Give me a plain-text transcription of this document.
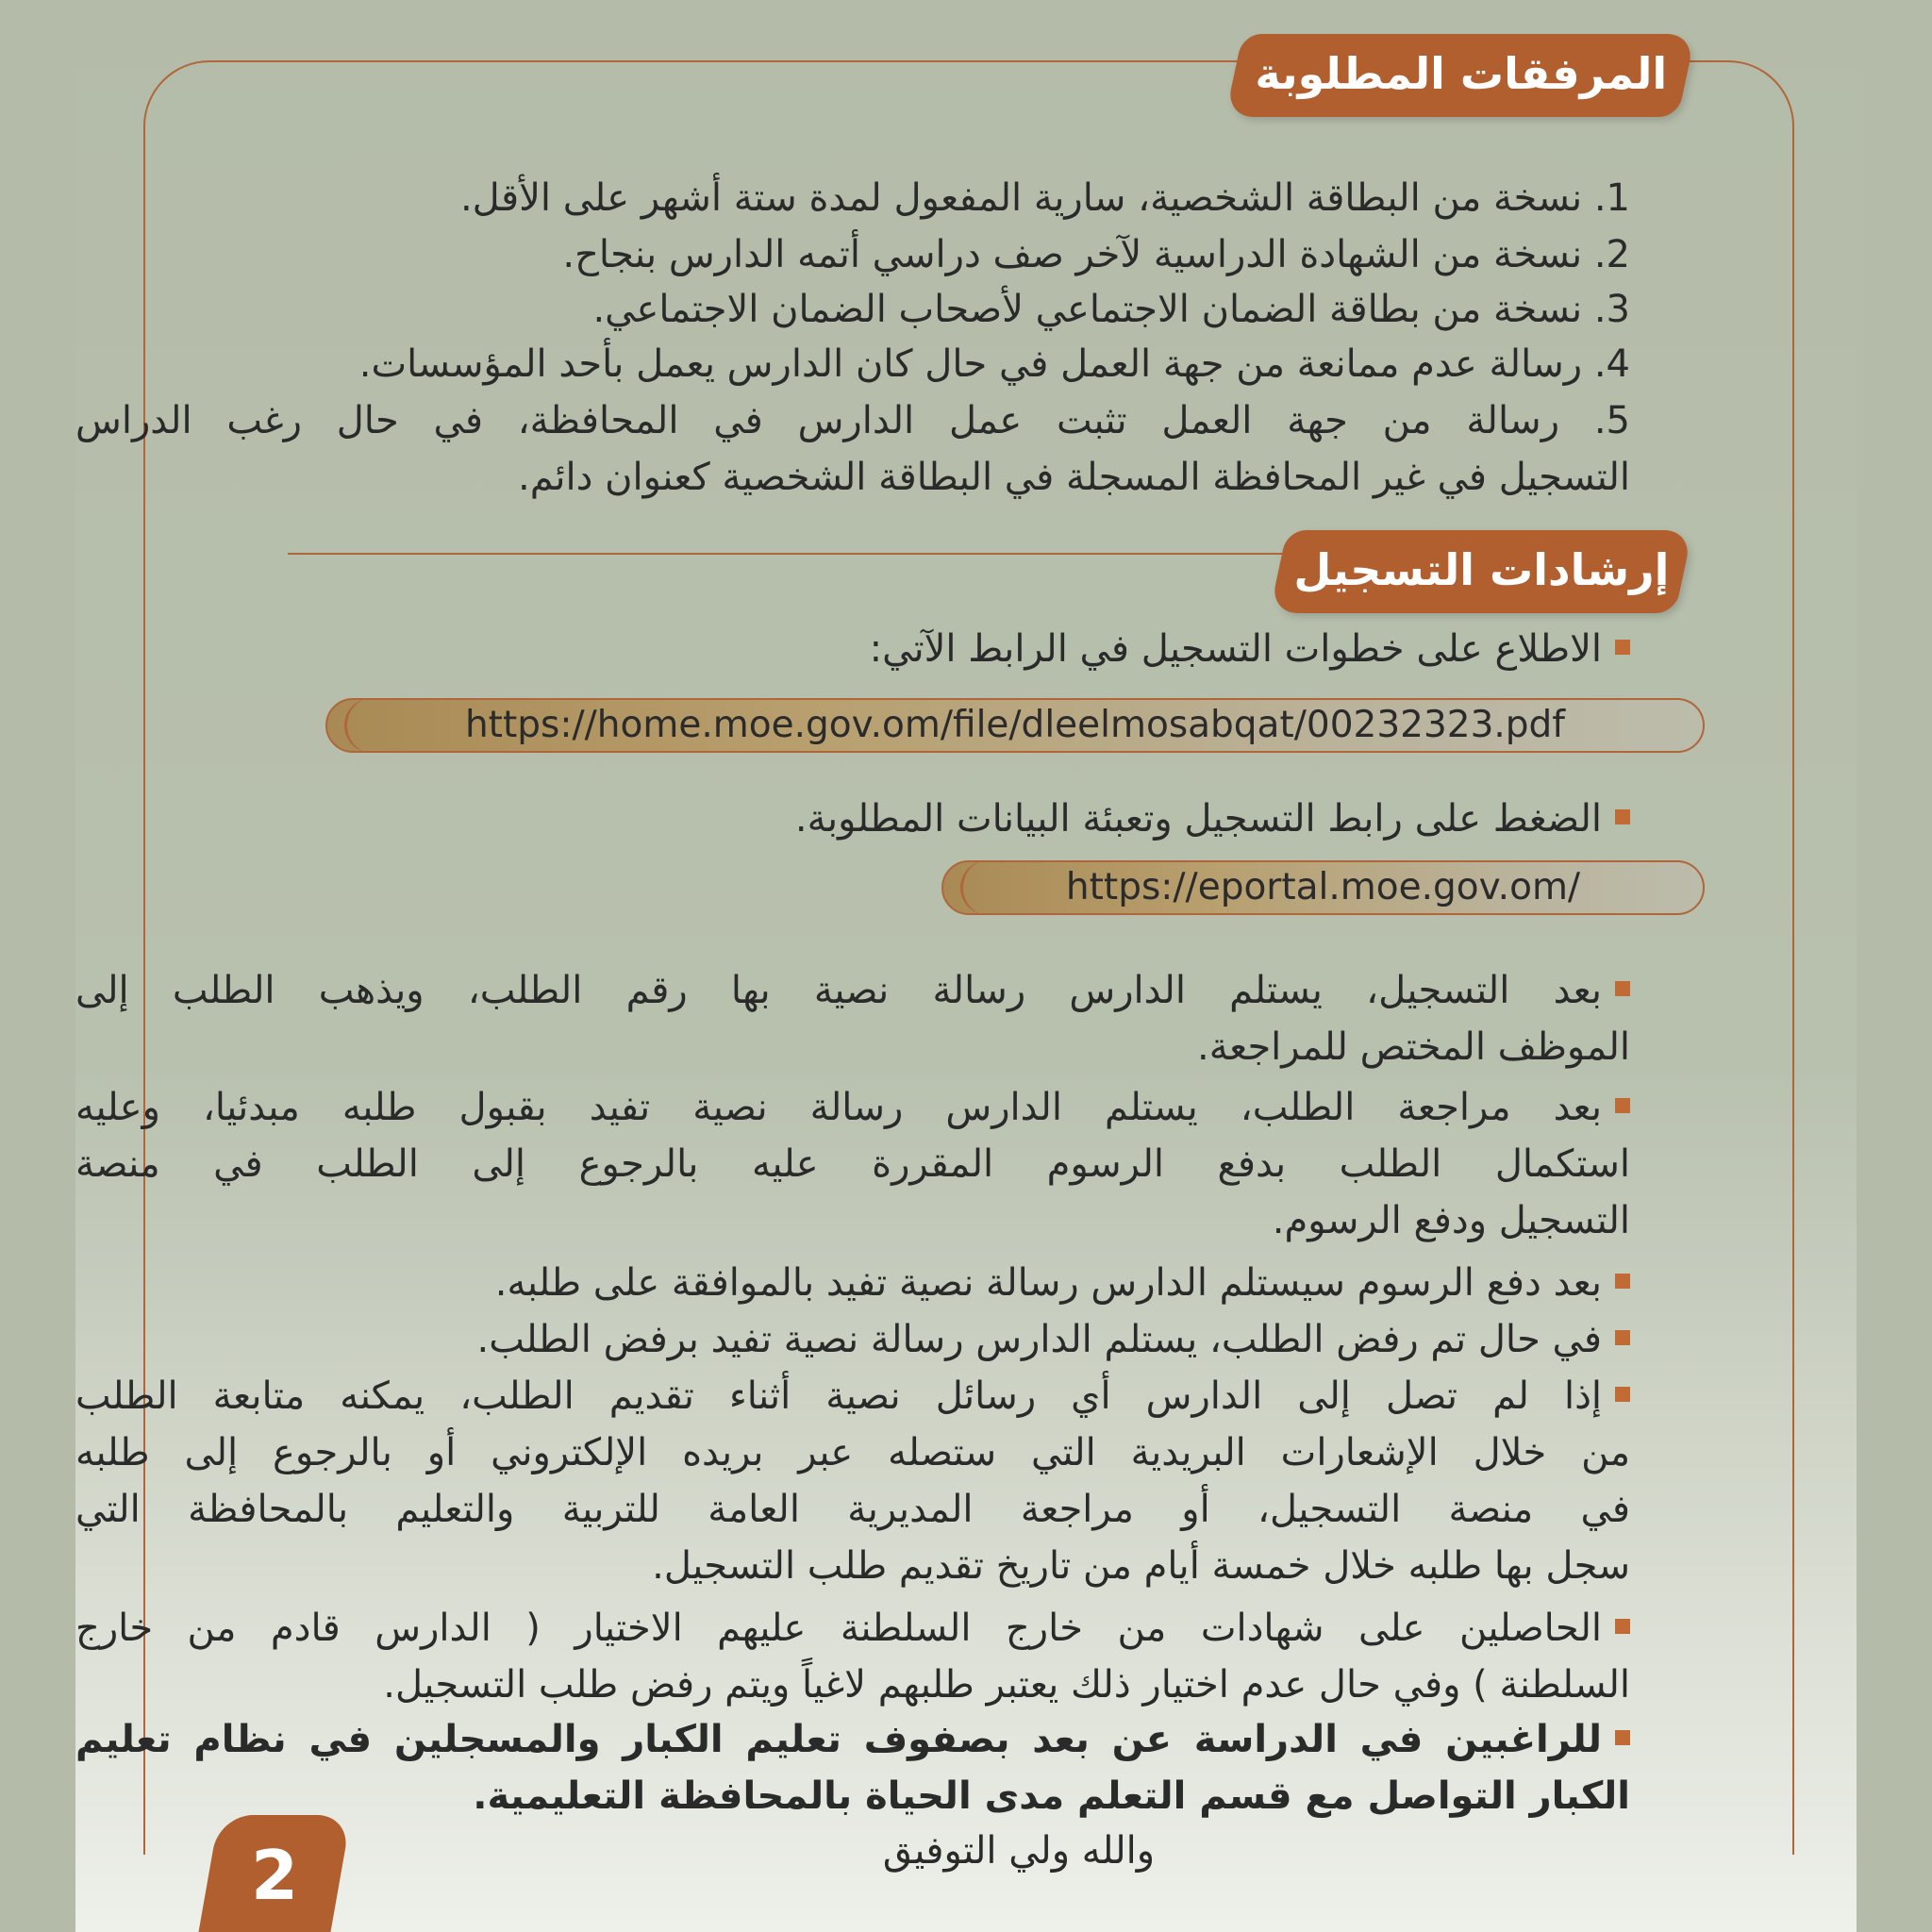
المرفقات المطلوبة
1. نسخة من البطاقة الشخصية، سارية المفعول لمدة ستة أشهر على الأقل.
2. نسخة من الشهادة الدراسية لآخر صف دراسي أتمه الدارس بنجاح.
3. نسخة من بطاقة الضمان الاجتماعي لأصحاب الضمان الاجتماعي.
4. رسالة عدم ممانعة من جهة العمل في حال كان الدارس يعمل بأحد المؤسسات.
5. رسالة من جهة العمل تثبت عمل الدارس في المحافظة، في حال رغب الدراس
التسجيل في غير المحافظة المسجلة في البطاقة الشخصية كعنوان دائم.
إرشادات التسجيل
الاطلاع على خطوات التسجيل في الرابط الآتي:
https://home.moe.gov.om/file/dleelmosabqat/00232323.pdf
الضغط على رابط التسجيل وتعبئة البيانات المطلوبة.
https://eportal.moe.gov.om/
بعد التسجيل، يستلم الدارس رسالة نصية بها رقم الطلب، ويذهب الطلب إلى
الموظف المختص للمراجعة.
بعد مراجعة الطلب، يستلم الدارس رسالة نصية تفيد بقبول طلبه مبدئيا، وعليه
استكمال الطلب بدفع الرسوم المقررة عليه بالرجوع إلى الطلب في منصة
التسجيل ودفع الرسوم.
بعد دفع الرسوم سيستلم الدارس رسالة نصية تفيد بالموافقة على طلبه.
في حال تم رفض الطلب، يستلم الدارس رسالة نصية تفيد برفض الطلب.
إذا لم تصل إلى الدارس أي رسائل نصية أثناء تقديم الطلب، يمكنه متابعة الطلب
من خلال الإشعارات البريدية التي ستصله عبر بريده الإلكتروني أو بالرجوع إلى طلبه
في منصة التسجيل، أو مراجعة المديرية العامة للتربية والتعليم بالمحافظة التي
سجل بها طلبه خلال خمسة أيام من تاريخ تقديم طلب التسجيل.
الحاصلين على شهادات من خارج السلطنة عليهم الاختيار ( الدارس قادم من خارج
السلطنة ) وفي حال عدم اختيار ذلك يعتبر طلبهم لاغياً ويتم رفض طلب التسجيل.
للراغبين في الدراسة عن بعد بصفوف تعليم الكبار والمسجلين في نظام تعليم
الكبار التواصل مع قسم التعلم مدى الحياة بالمحافظة التعليمية.
والله ولي التوفيق
2
